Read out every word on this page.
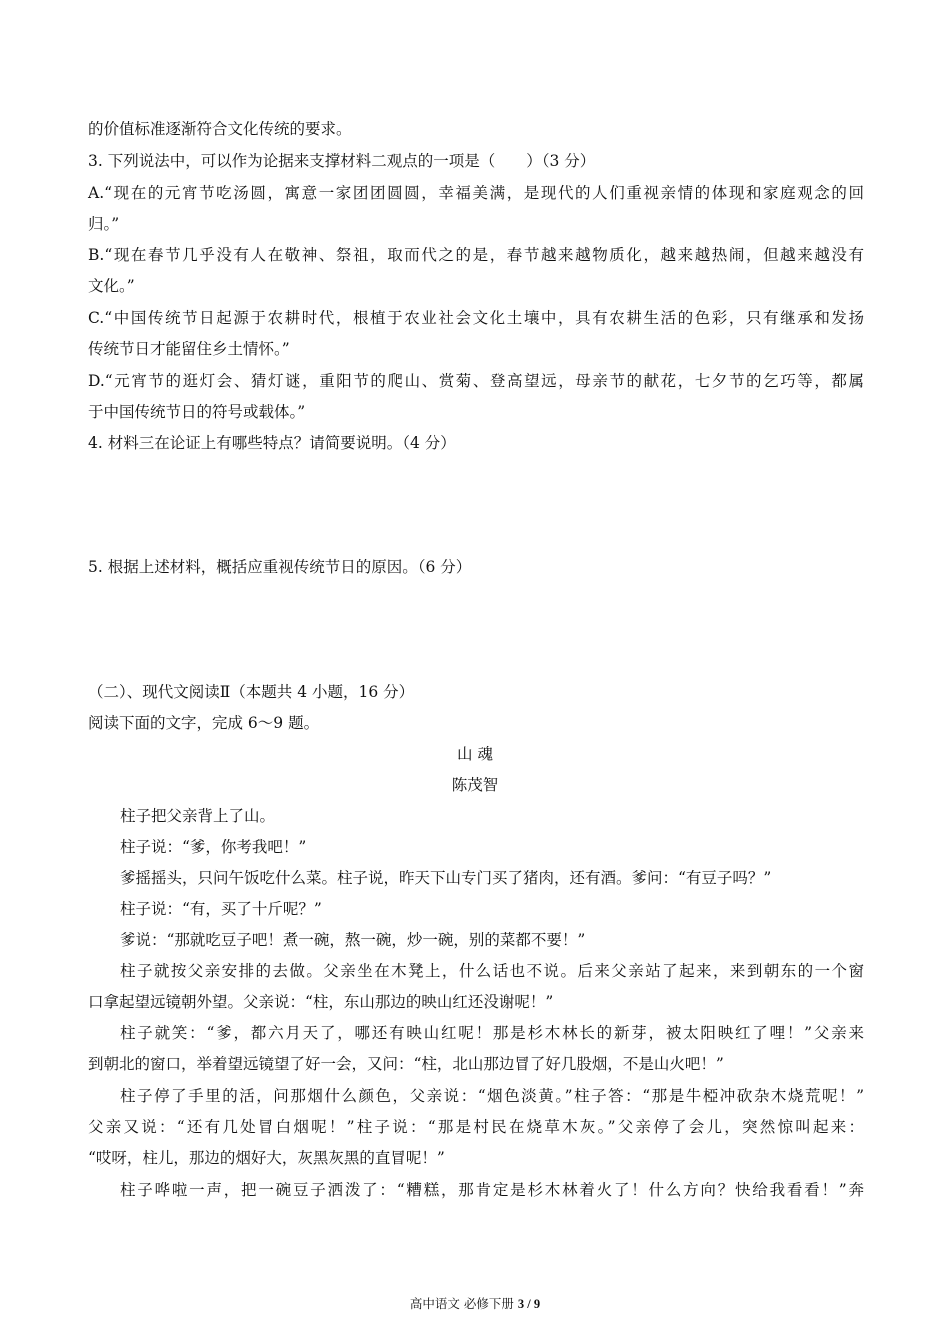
的价值标准逐渐符合文化传统的要求。
3. 下列说法中，可以作为论据来支撑材料二观点的一项是（　　）（3 分）
A.“现在的元宵节吃汤圆，寓意一家团团圆圆，幸福美满，是现代的人们重视亲情的体现和家庭观念的回
归。”
B.“现在春节几乎没有人在敬神、祭祖，取而代之的是，春节越来越物质化，越来越热闹，但越来越没有
文化。”
C.“中国传统节日起源于农耕时代，根植于农业社会文化土壤中，具有农耕生活的色彩，只有继承和发扬
传统节日才能留住乡土情怀。”
D.“元宵节的逛灯会、猜灯谜，重阳节的爬山、赏菊、登高望远，母亲节的献花，七夕节的乞巧等，都属
于中国传统节日的符号或载体。”
4. 材料三在论证上有哪些特点？请简要说明。（4 分）
5. 根据上述材料，概括应重视传统节日的原因。（6 分）
（二）、现代文阅读Ⅱ（本题共 4 小题，16 分）
阅读下面的文字，完成 6～9 题。
山 魂
陈茂智
柱子把父亲背上了山。
柱子说：“爹，你考我吧！”
爹摇摇头，只问午饭吃什么菜。柱子说，昨天下山专门买了猪肉，还有酒。爹问：“有豆子吗？”
柱子说：“有，买了十斤呢？”
爹说：“那就吃豆子吧！煮一碗，熬一碗，炒一碗，别的菜都不要！”
柱子就按父亲安排的去做。父亲坐在木凳上，什么话也不说。后来父亲站了起来，来到朝东的一个窗
口拿起望远镜朝外望。父亲说：“柱，东山那边的映山红还没谢呢！”
柱子就笑：“爹，都六月天了，哪还有映山红呢！那是杉木林长的新芽，被太阳映红了哩！”父亲来
到朝北的窗口，举着望远镜望了好一会，又问：“柱，北山那边冒了好几股烟，不是山火吧！”
柱子停了手里的活，问那烟什么颜色，父亲说：“烟色淡黄。”柱子答：“那是牛椏冲砍杂木烧荒呢！”
父亲又说：“还有几处冒白烟呢！”柱子说：“那是村民在烧草木灰。”父亲停了会儿，突然惊叫起来：
“哎呀，柱儿，那边的烟好大，灰黑灰黑的直冒呢！”
柱子哗啦一声，把一碗豆子洒泼了：“糟糕，那肯定是杉木林着火了！什么方向？快给我看看！”奔
高中语文 必修下册 3 / 9
